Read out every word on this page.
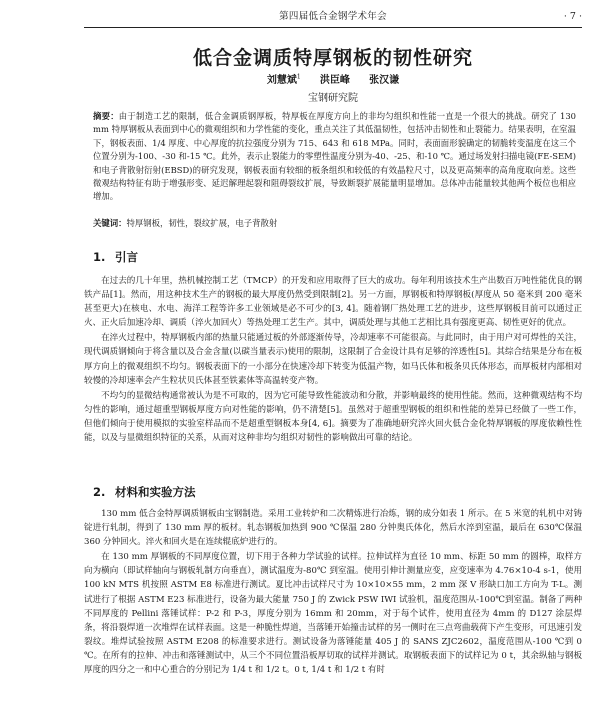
第四届低合金钢学术年会	· 7 ·
低合金调质特厚钢板的韧性研究
刘慧斌$^1$ 洪臣峰 张汉谦
宝钢研究院
摘要：由于制造工艺的限制，低合金调质钢厚板，特厚板在厚度方向上的非均匀组织和性能一直是一个很大的挑战。研究了 130 mm 特厚钢板从表面到中心的微观组织和力学性能的变化，重点关注了其低温韧性，包括冲击韧性和止裂能力。结果表明，在室温下，钢板表面、1/4 厚度、中心厚度的抗拉强度分别为 715、643 和 618 MPa。同时，表面面形貌确定的韧脆转变温度在这三个位置分别为-100、-30 和-15 ℃。此外，表示止裂能力的零塑性温度分别为-40、-25、和-10 ℃。通过场发射扫描电镜(FE-SEM)和电子背散射衍射(EBSD)的研究发现，钢板表面有较细的板条组织和较低的有效晶粒尺寸，以及更高频率的高角度取向差。这些微观结构特征有助于增强形变、延迟解理起裂和阻碍裂纹扩展，导致断裂扩展能量明显增加。总体冲击能量较其他两个板位也相应增加。
关键词：特厚钢板，韧性，裂纹扩展，电子背散射
1. 引言

在过去的几十年里，热机械控制工艺（TMCP）的开发和应用取得了巨大的成功。每年利用该技术生产出数百万吨性能优良的钢铁产品[1]。然而，用这种技术生产的钢板的最大厚度仍然受到限制[2]。另一方面，厚钢板和特厚钢板(厚度从 50 毫米到 200 毫米甚至更大)在核电、水电、海洋工程等许多工业领域是必不可少的[3, 4]。随着钢厂热处理工艺的进步，这些厚钢板目前可以通过正火、正火后加速冷却、调质（淬火加回火）等热处理工艺生产。其中，调质处理与其他工艺相比具有强度更高、韧性更好的优点。

在淬火过程中，特厚钢板内部的热量只能通过板的外部逐渐传导，冷却速率不可能很高。与此同时，由于用户对可焊性的关注，现代调质钢倾向于将含量以及合金含量(以碳当量表示)使用的限制，这限制了合金设计具有足够的淬透性[5]。其综合结果是分布在板厚方向上的微观组织不均匀。钢板表面下的一小部分在快速冷却下转变为低温产物，如马氏体和板条贝氏体形态，而厚板材内部相对较慢的冷却速率会产生粒状贝氏体甚至铁素体等高温转变产物。

不均匀的显微结构通常被认为是不可取的，因为它可能导致性能波动和分散，并影响最终的使用性能。然而，这种微观结构不均匀性的影响，通过超重型钢板厚度方向对性能的影响，仍不清楚[5]。虽然对于超重型钢板的组织和性能的差异已经做了一些工作，但他们倾向于使用模拟的实验室样品而不是超重型钢板本身[4, 6]。摘要为了准确地研究淬火回火低合金化特厚钢板的厚度依赖性性能，以及与显微组织特征的关系，从而对这种非均匀组织对韧性的影响做出可靠的结论。

2. 材料和实验方法

130 mm 低合金特厚调质钢板由宝钢制造。采用工业转炉和二次精炼进行冶炼，钢的成分如表 1 所示。在 5 米宽的轧机中对铸锭进行轧制，得到了 130 mm 厚的板材。轧态钢板加热到 900 ℃保温 280 分钟奥氏体化，然后水淬到室温，最后在 630℃保温 360 分钟回火。淬火和回火是在连续辊底炉进行的。

在 130 mm 厚钢板的不同厚度位置，切下用于各种力学试验的试样。拉伸试样为直径 10 mm、标距 50 mm 的圆棒，取样方向为横向（即试样轴向与钢板轧制方向垂直），测试温度为-80℃ 到室温。使用引伸计测量应变，应变速率为 4.76×10-4 s-1，使用 100 kN MTS 机按照 ASTM E8 标准进行测试。夏比冲击试样尺寸为 10×10×55 mm，2 mm 深 V 形缺口加工方向为 T-L。测试进行了根据 ASTM E23 标准进行，设备为最大能量 750 J 的 Zwick PSW IWI 试验机，温度范围从-100℃到室温。制备了两种不同厚度的 Pellini 落锤试样：P-2 和 P-3，厚度分别为 16mm 和 20mm，对于每个试件，使用直径为 4mm 的 D127 涂层焊条，将沿裂焊道一次堆焊在试样表面。这是一种脆性焊道，当落锤开始撞击试样的另一侧时在三点弯曲载荷下产生变形，可迅速引发裂纹。堆焊试验按照 ASTM E208 的标准要求进行。测试设备为落锤能量 405 J 的 SANS ZJC2602，温度范围从-100 ℃到 0 ℃。在所有的拉伸、冲击和落锤测试中，从三个不同位置沿板厚切取的试样并测试。取钢板表面下的试样记为 0 t，其余纵轴与钢板厚度的四分之一和中心重合的分别记为 1/4 t 和 1/2 t。0 t, 1/4 t 和 1/2 t 有时
